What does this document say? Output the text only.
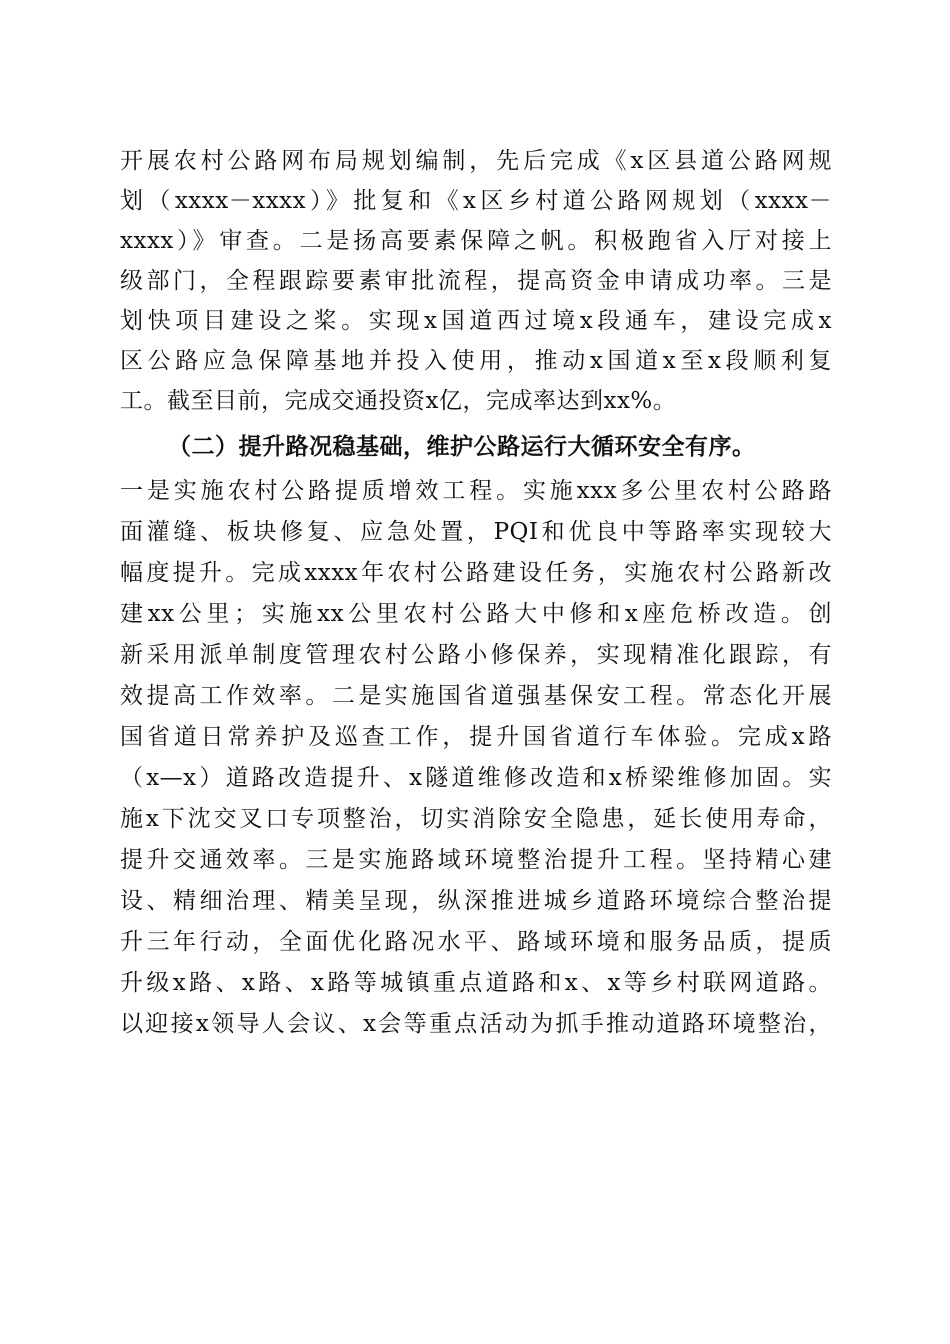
开展农村公路网布局规划编制，先后完成《x区县道公路网规
划（xxxx－xxxx）》批复和《x区乡村道公路网规划（xxxx－
xxxx）》审查。二是扬高要素保障之帆。积极跑省入厅对接上
级部门，全程跟踪要素审批流程，提高资金申请成功率。三是
划快项目建设之桨。实现x国道西过境x段通车，建设完成x
区公路应急保障基地并投入使用，推动x国道x至x段顺利复
工。截至目前，完成交通投资x亿，完成率达到xx%。
（二）提升路况稳基础，维护公路运行大循环安全有序。
一是实施农村公路提质增效工程。实施xxx多公里农村公路路
面灌缝、板块修复、应急处置，PQI和优良中等路率实现较大
幅度提升。完成xxxx年农村公路建设任务，实施农村公路新改
建xx公里；实施xx公里农村公路大中修和x座危桥改造。创
新采用派单制度管理农村公路小修保养，实现精准化跟踪，有
效提高工作效率。二是实施国省道强基保安工程。常态化开展
国省道日常养护及巡查工作，提升国省道行车体验。完成x路
（x—x）道路改造提升、x隧道维修改造和x桥梁维修加固。实
施x下沈交叉口专项整治，切实消除安全隐患，延长使用寿命，
提升交通效率。三是实施路域环境整治提升工程。坚持精心建
设、精细治理、精美呈现，纵深推进城乡道路环境综合整治提
升三年行动，全面优化路况水平、路域环境和服务品质，提质
升级x路、x路、x路等城镇重点道路和x、x等乡村联网道路。
以迎接x领导人会议、x会等重点活动为抓手推动道路环境整治，
